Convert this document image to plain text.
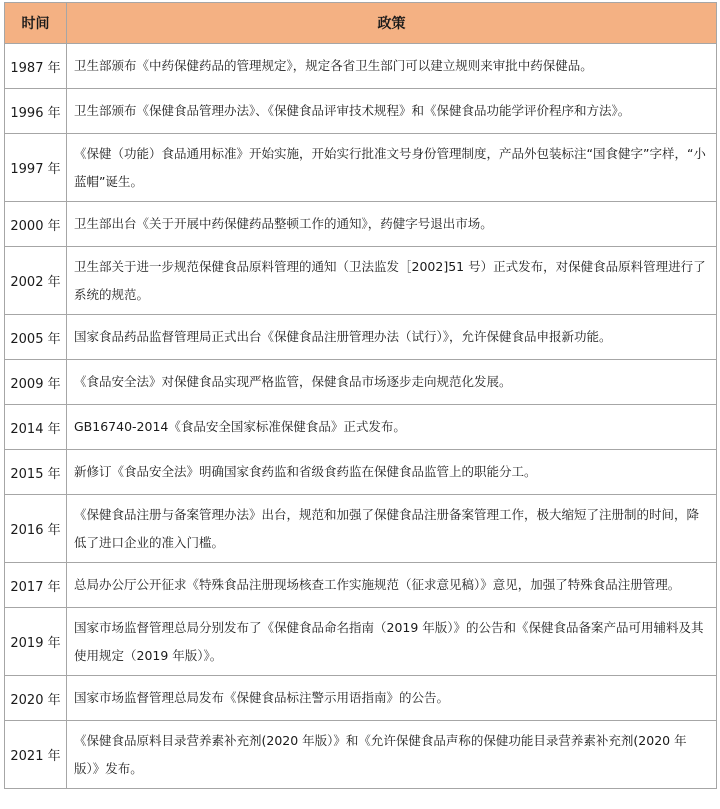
时间	政策
1987 年	卫生部颁布《中药保健药品的管理规定》，规定各省卫生部门可以建立规则来审批中药保健品。
1996 年	卫生部颁布《保健食品管理办法》、《保健食品评审技术规程》和《保健食品功能学评价程序和方法》。
1997 年	《保健（功能）食品通用标准》开始实施，开始实行批准文号身份管理制度，产品外包装标注“国食健字”字样，“小蓝帽”诞生。
2000 年	卫生部出台《关于开展中药保健药品整顿工作的通知》，药健字号退出市场。
2002 年	卫生部关于进一步规范保健食品原料管理的通知（卫法监发［2002]51 号）正式发布，对保健食品原料管理进行了系统的规范。
2005 年	国家食品药品监督管理局正式出台《保健食品注册管理办法（试行）》，允许保健食品申报新功能。
2009 年	《食品安全法》对保健食品实现严格监管，保健食品市场逐步走向规范化发展。
2014 年	GB16740-2014《食品安全国家标准保健食品》正式发布。
2015 年	新修订《食品安全法》明确国家食药监和省级食药监在保健食品监管上的职能分工。
2016 年	《保健食品注册与备案管理办法》出台，规范和加强了保健食品注册备案管理工作，极大缩短了注册制的时间，降低了进口企业的准入门槛。
2017 年	总局办公厅公开征求《特殊食品注册现场核查工作实施规范（征求意见稿）》意见，加强了特殊食品注册管理。
2019 年	国家市场监督管理总局分别发布了《保健食品命名指南（2019 年版）》的公告和《保健食品备案产品可用辅料及其使用规定（2019 年版）》。
2020 年	国家市场监督管理总局发布《保健食品标注警示用语指南》的公告。
2021 年	《保健食品原料目录营养素补充剂(2020 年版）》和《允许保健食品声称的保健功能目录营养素补充剂(2020 年版）》发布。
